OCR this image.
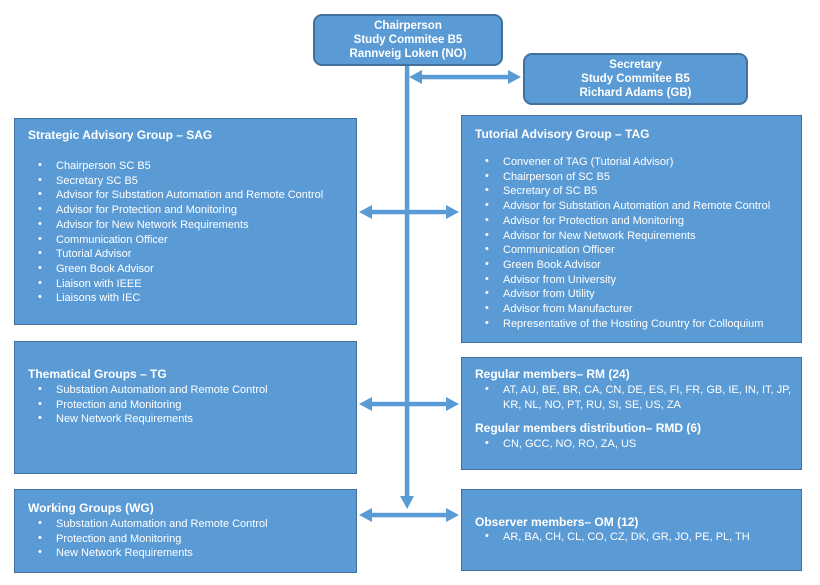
Chairperson
Study Commitee B5
Rannveig Loken (NO)
Secretary
Study Commitee B5
Richard Adams (GB)
Strategic Advisory Group – SAG
• Chairperson SC B5
• Secretary SC B5
• Advisor for Substation Automation and Remote Control
• Advisor for Protection and Monitoring
• Advisor for New Network Requirements
• Communication Officer
• Tutorial Advisor
• Green Book Advisor
• Liaison with IEEE
• Liaisons with IEC
Tutorial Advisory Group – TAG
• Convener of TAG (Tutorial Advisor)
• Chairperson of SC B5
• Secretary of SC B5
• Advisor for Substation Automation and Remote Control
• Advisor for Protection and Monitoring
• Advisor for New Network Requirements
• Communication Officer
• Green Book Advisor
• Advisor from University
• Advisor from Utility
• Advisor from Manufacturer
• Representative of the Hosting Country for Colloquium
Thematical Groups – TG
• Substation Automation and Remote Control
• Protection and Monitoring
• New Network Requirements
Regular members– RM (24)
• AT, AU, BE, BR, CA, CN, DE, ES, FI, FR, GB, IE, IN, IT, JP, KR, NL, NO, PT, RU, SI, SE, US, ZA
Regular members distribution– RMD (6)
• CN, GCC, NO, RO, ZA, US
Working Groups (WG)
• Substation Automation and Remote Control
• Protection and Monitoring
• New Network Requirements
Observer members– OM (12)
• AR, BA, CH, CL, CO, CZ, DK, GR, JO, PE, PL, TH
